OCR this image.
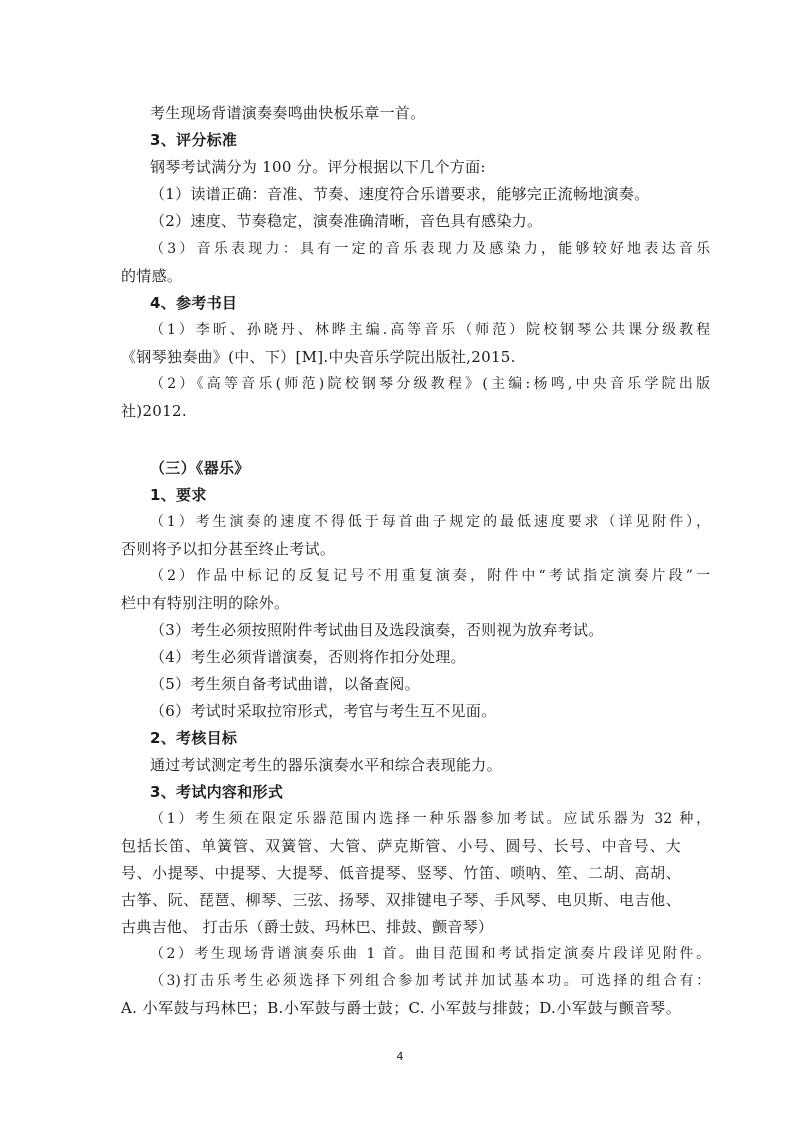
考生现场背谱演奏奏鸣曲快板乐章一首。
3、评分标准
钢琴考试满分为 100 分。评分根据以下几个方面:
（1）读谱正确：音准、节奏、速度符合乐谱要求，能够完正流畅地演奏。
（2）速度、节奏稳定，演奏准确清晰，音色具有感染力。
（3）音乐表现力：具有一定的音乐表现力及感染力，能够较好地表达音乐
的情感。
4、参考书目
（1）李昕、孙晓丹、林晔主编.高等音乐（师范）院校钢琴公共课分级教程
《钢琴独奏曲》(中、下）[M].中央音乐学院出版社,2015.
（2）《高等音乐(师范)院校钢琴分级教程》(主编:杨鸣,中央音乐学院出版
社)2012.
（三）《器乐》
1、要求
（1）考生演奏的速度不得低于每首曲子规定的最低速度要求（详见附件），
否则将予以扣分甚至终止考试。
（2）作品中标记的反复记号不用重复演奏，附件中“考试指定演奏片段”一
栏中有特别注明的除外。
（3）考生必须按照附件考试曲目及选段演奏，否则视为放弃考试。
（4）考生必须背谱演奏，否则将作扣分处理。
（5）考生须自备考试曲谱，以备查阅。
（6）考试时采取拉帘形式，考官与考生互不见面。
2、考核目标
通过考试测定考生的器乐演奏水平和综合表现能力。
3、考试内容和形式
（1）考生须在限定乐器范围内选择一种乐器参加考试。应试乐器为 32 种，
包括长笛、单簧管、双簧管、大管、萨克斯管、小号、圆号、长号、中音号、大
号、小提琴、中提琴、大提琴、低音提琴、竖琴、竹笛、唢呐、笙、二胡、高胡、
古筝、阮、琵琶、柳琴、三弦、扬琴、双排键电子琴、手风琴、电贝斯、电吉他、
古典吉他、 打击乐（爵士鼓、玛林巴、排鼓、颤音琴）
（2）考生现场背谱演奏乐曲 1 首。曲目范围和考试指定演奏片段详见附件。
（3)打击乐考生必须选择下列组合参加考试并加试基本功。可选择的组合有：
A. 小军鼓与玛林巴；B.小军鼓与爵士鼓；C. 小军鼓与排鼓；D.小军鼓与颤音琴。
4
